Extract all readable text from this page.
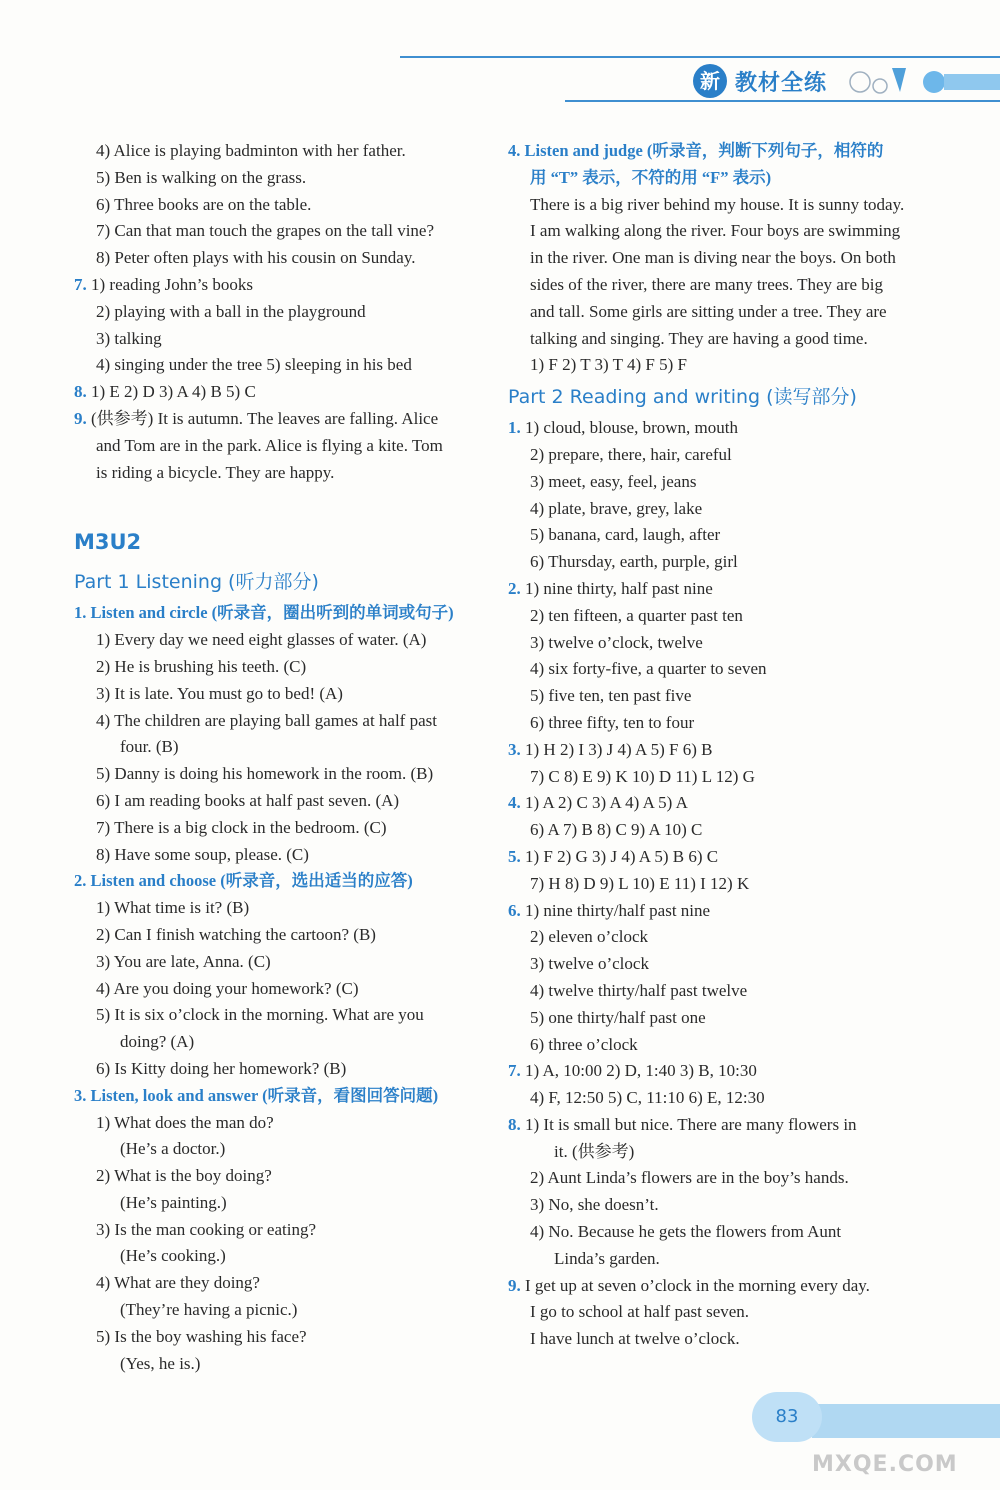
新 教材全练
4) Alice is playing badminton with her father.
5) Ben is walking on the grass.
6) Three books are on the table.
7) Can that man touch the grapes on the tall vine?
8) Peter often plays with his cousin on Sunday.
7. 1) reading John’s books
2) playing with a ball in the playground
3) talking
4) singing under the tree 5) sleeping in his bed
8. 1) E 2) D 3) A 4) B 5) C
9. (供参考) It is autumn. The leaves are falling. Alice
and Tom are in the park. Alice is flying a kite. Tom
is riding a bicycle. They are happy.
M3U2
Part 1 Listening (听力部分)
1. Listen and circle (听录音，圈出听到的单词或句子)
1) Every day we need eight glasses of water. (A)
2) He is brushing his teeth. (C)
3) It is late. You must go to bed! (A)
4) The children are playing ball games at half past
four. (B)
5) Danny is doing his homework in the room. (B)
6) I am reading books at half past seven. (A)
7) There is a big clock in the bedroom. (C)
8) Have some soup, please. (C)
2. Listen and choose (听录音，选出适当的应答)
1) What time is it? (B)
2) Can I finish watching the cartoon? (B)
3) You are late, Anna. (C)
4) Are you doing your homework? (C)
5) It is six o’clock in the morning. What are you
doing? (A)
6) Is Kitty doing her homework? (B)
3. Listen, look and answer (听录音，看图回答问题)
1) What does the man do?
(He’s a doctor.)
2) What is the boy doing?
(He’s painting.)
3) Is the man cooking or eating?
(He’s cooking.)
4) What are they doing?
(They’re having a picnic.)
5) Is the boy washing his face?
(Yes, he is.)
4. Listen and judge (听录音，判断下列句子，相符的
用 “T” 表示，不符的用 “F” 表示)
There is a big river behind my house. It is sunny today.
I am walking along the river. Four boys are swimming
in the river. One man is diving near the boys. On both
sides of the river, there are many trees. They are big
and tall. Some girls are sitting under a tree. They are
talking and singing. They are having a good time.
1) F 2) T 3) T 4) F 5) F
Part 2 Reading and writing (读写部分)
1. 1) cloud, blouse, brown, mouth
2) prepare, there, hair, careful
3) meet, easy, feel, jeans
4) plate, brave, grey, lake
5) banana, card, laugh, after
6) Thursday, earth, purple, girl
2. 1) nine thirty, half past nine
2) ten fifteen, a quarter past ten
3) twelve o’clock, twelve
4) six forty-five, a quarter to seven
5) five ten, ten past five
6) three fifty, ten to four
3. 1) H 2) I 3) J 4) A 5) F 6) B
7) C 8) E 9) K 10) D 11) L 12) G
4. 1) A 2) C 3) A 4) A 5) A
6) A 7) B 8) C 9) A 10) C
5. 1) F 2) G 3) J 4) A 5) B 6) C
7) H 8) D 9) L 10) E 11) I 12) K
6. 1) nine thirty/half past nine
2) eleven o’clock
3) twelve o’clock
4) twelve thirty/half past twelve
5) one thirty/half past one
6) three o’clock
7. 1) A, 10:00 2) D, 1:40 3) B, 10:30
4) F, 12:50 5) C, 11:10 6) E, 12:30
8. 1) It is small but nice. There are many flowers in
it. (供参考)
2) Aunt Linda’s flowers are in the boy’s hands.
3) No, she doesn’t.
4) No. Because he gets the flowers from Aunt
Linda’s garden.
9. I get up at seven o’clock in the morning every day.
I go to school at half past seven.
I have lunch at twelve o’clock.
83
MXQE.COM
